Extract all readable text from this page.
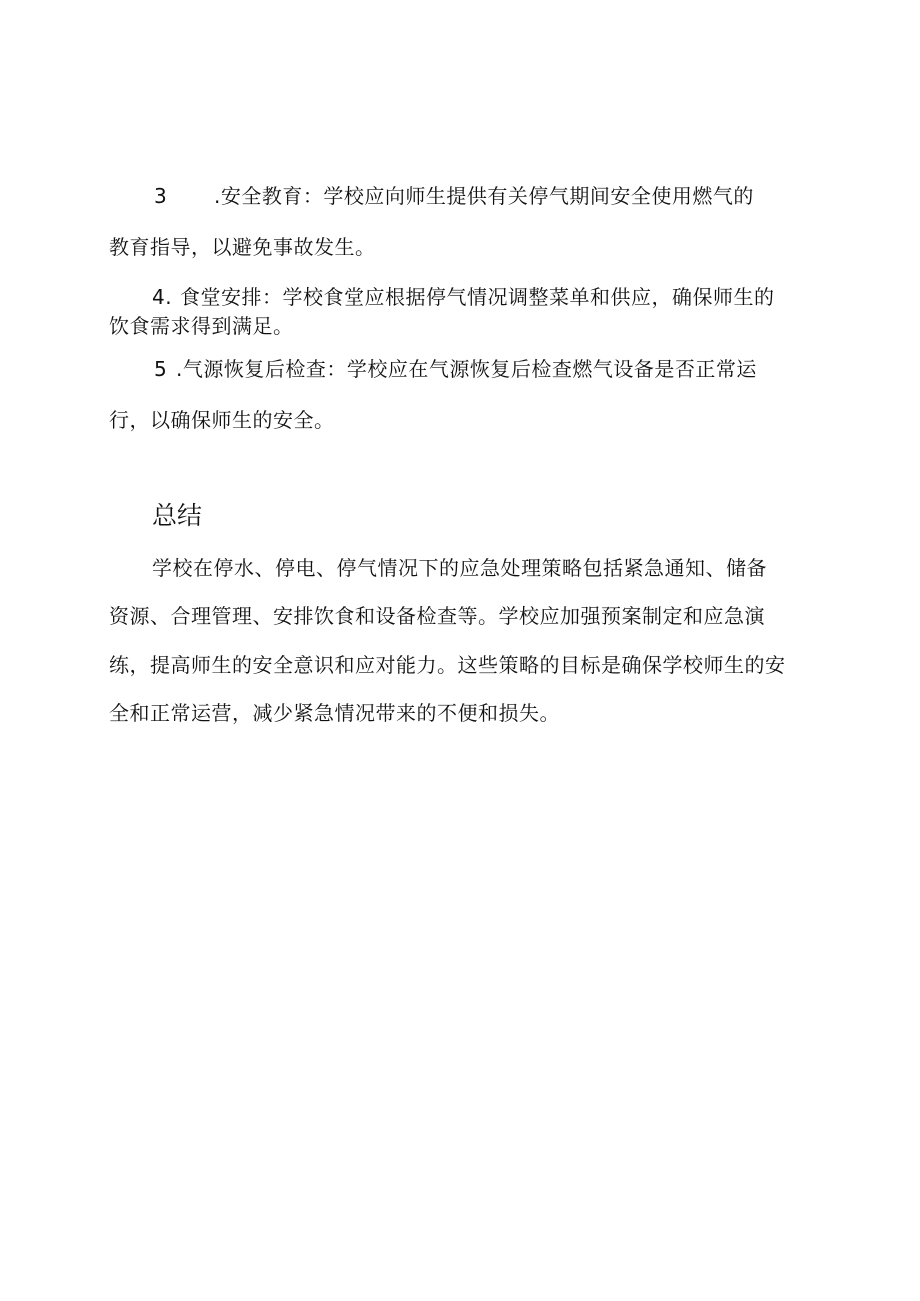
3 .安全教育：学校应向师生提供有关停气期间安全使用燃气的
教育指导，以避免事故发生。
4. 食堂安排：学校食堂应根据停气情况调整菜单和供应，确保师生的
饮食需求得到满足。
5 .气源恢复后检查：学校应在气源恢复后检查燃气设备是否正常运
行，以确保师生的安全。
总结
学校在停水、停电、停气情况下的应急处理策略包括紧急通知、储备
资源、合理管理、安排饮食和设备检查等。学校应加强预案制定和应急演
练，提高师生的安全意识和应对能力。这些策略的目标是确保学校师生的安
全和正常运营，减少紧急情况带来的不便和损失。
